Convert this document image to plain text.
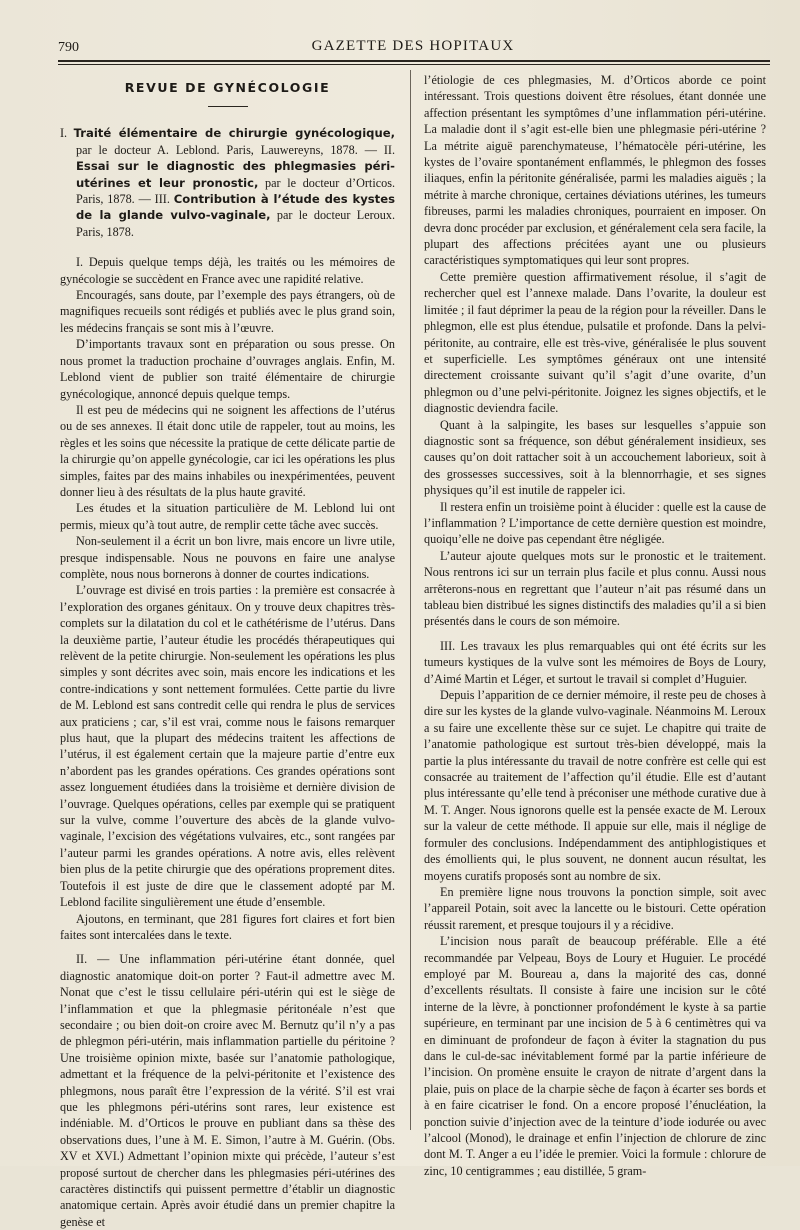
790	GAZETTE DES HOPITAUX
REVUE DE GYNÉCOLOGIE

I. Traité élémentaire de chirurgie gynécologique, par le docteur A. Leblond. Paris, Lauwereyns, 1878. — II. Essai sur le diagnostic des phlegmasies péri-utérines et leur pronostic, par le docteur d’Orticos. Paris, 1878. — III. Contribution à l’étude des kystes de la glande vulvo-vaginale, par le docteur Leroux. Paris, 1878.

I. Depuis quelque temps déjà, les traités ou les mémoires de gynécologie se succèdent en France avec une rapidité relative.

Encouragés, sans doute, par l’exemple des pays étrangers, où de magnifiques recueils sont rédigés et publiés avec le plus grand soin, les médecins français se sont mis à l’œuvre.

D’importants travaux sont en préparation ou sous presse. On nous promet la traduction prochaine d’ouvrages anglais. Enfin, M. Leblond vient de publier son traité élémentaire de chirurgie gynécologique, annoncé depuis quelque temps.

Il est peu de médecins qui ne soignent les affections de l’utérus ou de ses annexes. Il était donc utile de rappeler, tout au moins, les règles et les soins que nécessite la pratique de cette délicate partie de la chirurgie qu’on appelle gynécologie, car ici les opérations les plus simples, faites par des mains inhabiles ou inexpérimentées, peuvent donner lieu à des résultats de la plus haute gravité.

Les études et la situation particulière de M. Leblond lui ont permis, mieux qu’à tout autre, de remplir cette tâche avec succès.

Non-seulement il a écrit un bon livre, mais encore un livre utile, presque indispensable. Nous ne pouvons en faire une analyse complète, nous nous bornerons à donner de courtes indications.

L’ouvrage est divisé en trois parties : la première est consacrée à l’exploration des organes génitaux. On y trouve deux chapitres très-complets sur la dilatation du col et le cathétérisme de l’utérus. Dans la deuxième partie, l’auteur étudie les procédés thérapeutiques qui relèvent de la petite chirurgie. Non-seulement les opérations les plus simples y sont décrites avec soin, mais encore les indications et les contre-indications y sont nettement formulées. Cette partie du livre de M. Leblond est sans contredit celle qui rendra le plus de services aux praticiens ; car, s’il est vrai, comme nous le faisons remarquer plus haut, que la plupart des médecins traitent les affections de l’utérus, il est également certain que la majeure partie d’entre eux n’abordent pas les grandes opérations. Ces grandes opérations sont assez longuement étudiées dans la troisième et dernière division de l’ouvrage. Quelques opérations, celles par exemple qui se pratiquent sur la vulve, comme l’ouverture des abcès de la glande vulvo-vaginale, l’excision des végétations vulvaires, etc., sont rangées par l’auteur parmi les grandes opérations. A notre avis, elles relèvent bien plus de la petite chirurgie que des opérations proprement dites. Toutefois il est juste de dire que le classement adopté par M. Leblond facilite singulièrement une étude d’ensemble.

Ajoutons, en terminant, que 281 figures fort claires et fort bien faites sont intercalées dans le texte.

II. — Une inflammation péri-utérine étant donnée, quel diagnostic anatomique doit-on porter ? Faut-il admettre avec M. Nonat que c’est le tissu cellulaire péri-utérin qui est le siège de l’inflammation et que la phlegmasie péritonéale n’est que secondaire ; ou bien doit-on croire avec M. Bernutz qu’il n’y a pas de phlegmon péri-utérin, mais inflammation partielle du péritoine ? Une troisième opinion mixte, basée sur l’anatomie pathologique, admettant et la fréquence de la pelvi-péritonite et l’existence des phlegmons, nous paraît être l’expression de la vérité. S’il est vrai que les phlegmons péri-utérins sont rares, leur existence est indéniable. M. d’Orticos le prouve en publiant dans sa thèse des observations dues, l’une à M. E. Simon, l’autre à M. Guérin. (Obs. XV et XVI.) Admettant l’opinion mixte qui précède, l’auteur s’est proposé surtout de chercher dans les phlegmasies péri-utérines des caractères distinctifs qui puissent permettre d’établir un diagnostic anatomique certain. Après avoir étudié dans un premier chapitre la genèse et

l’étiologie de ces phlegmasies, M. d’Orticos aborde ce point intéressant. Trois questions doivent être résolues, étant donnée une affection présentant les symptômes d’une inflammation péri-utérine. La maladie dont il s’agit est-elle bien une phlegmasie péri-utérine ? La métrite aiguë parenchymateuse, l’hématocèle péri-utérine, les kystes de l’ovaire spontanément enflammés, le phlegmon des fosses iliaques, enfin la péritonite généralisée, parmi les maladies aiguës ; la métrite à marche chronique, certaines déviations utérines, les tumeurs fibreuses, parmi les maladies chroniques, pourraient en imposer. On devra donc procéder par exclusion, et généralement cela sera facile, la plupart des affections précitées ayant une ou plusieurs caractéristiques symptomatiques qui leur sont propres.

Cette première question affirmativement résolue, il s’agit de rechercher quel est l’annexe malade. Dans l’ovarite, la douleur est limitée ; il faut déprimer la peau de la région pour la réveiller. Dans le phlegmon, elle est plus étendue, pulsatile et profonde. Dans la pelvi-péritonite, au contraire, elle est très-vive, généralisée le plus souvent et superficielle. Les symptômes généraux ont une intensité directement croissante suivant qu’il s’agit d’une ovarite, d’un phlegmon ou d’une pelvi-péritonite. Joignez les signes objectifs, et le diagnostic deviendra facile.

Quant à la salpingite, les bases sur lesquelles s’appuie son diagnostic sont sa fréquence, son début généralement insidieux, ses causes qu’on doit rattacher soit à un accouchement laborieux, soit à des grossesses successives, soit à la blennorrhagie, et ses signes physiques qu’il est inutile de rappeler ici.

Il restera enfin un troisième point à élucider : quelle est la cause de l’inflammation ? L’importance de cette dernière question est moindre, quoiqu’elle ne doive pas cependant être négligée.

L’auteur ajoute quelques mots sur le pronostic et le traitement. Nous rentrons ici sur un terrain plus facile et plus connu. Aussi nous arrêterons-nous en regrettant que l’auteur n’ait pas résumé dans un tableau bien distribué les signes distinctifs des maladies qu’il a si bien présentés dans le cours de son mémoire.

III. Les travaux les plus remarquables qui ont été écrits sur les tumeurs kystiques de la vulve sont les mémoires de Boys de Loury, d’Aimé Martin et Léger, et surtout le travail si complet d’Huguier.

Depuis l’apparition de ce dernier mémoire, il reste peu de choses à dire sur les kystes de la glande vulvo-vaginale. Néanmoins M. Leroux a su faire une excellente thèse sur ce sujet. Le chapitre qui traite de l’anatomie pathologique est surtout très-bien développé, mais la partie la plus intéressante du travail de notre confrère est celle qui est consacrée au traitement de l’affection qu’il étudie. Elle est d’autant plus intéressante qu’elle tend à préconiser une méthode curative due à M. T. Anger. Nous ignorons quelle est la pensée exacte de M. Leroux sur la valeur de cette méthode. Il appuie sur elle, mais il néglige de formuler des conclusions. Indépendamment des antiphlogistiques et des émollients qui, le plus souvent, ne donnent aucun résultat, les moyens curatifs proposés sont au nombre de six.

En première ligne nous trouvons la ponction simple, soit avec l’appareil Potain, soit avec la lancette ou le bistouri. Cette opération réussit rarement, et presque toujours il y a récidive.

L’incision nous paraît de beaucoup préférable. Elle a été recommandée par Velpeau, Boys de Loury et Huguier. Le procédé employé par M. Boureau a, dans la majorité des cas, donné d’excellents résultats. Il consiste à faire une incision sur le côté interne de la lèvre, à ponctionner profondément le kyste à sa partie supérieure, en terminant par une incision de 5 à 6 centimètres qui va en diminuant de profondeur de façon à éviter la stagnation du pus dans le cul-de-sac inévitablement formé par la partie inférieure de l’incision. On promène ensuite le crayon de nitrate d’argent dans la plaie, puis on place de la charpie sèche de façon à écarter ses bords et à en faire cicatriser le fond. On a encore proposé l’énucléation, la ponction suivie d’injection avec de la teinture d’iode iodurée ou avec l’alcool (Monod), le drainage et enfin l’injection de chlorure de zinc dont M. T. Anger a eu l’idée le premier. Voici la formule : chlorure de zinc, 10 centigrammes ; eau distillée, 5 gram-
